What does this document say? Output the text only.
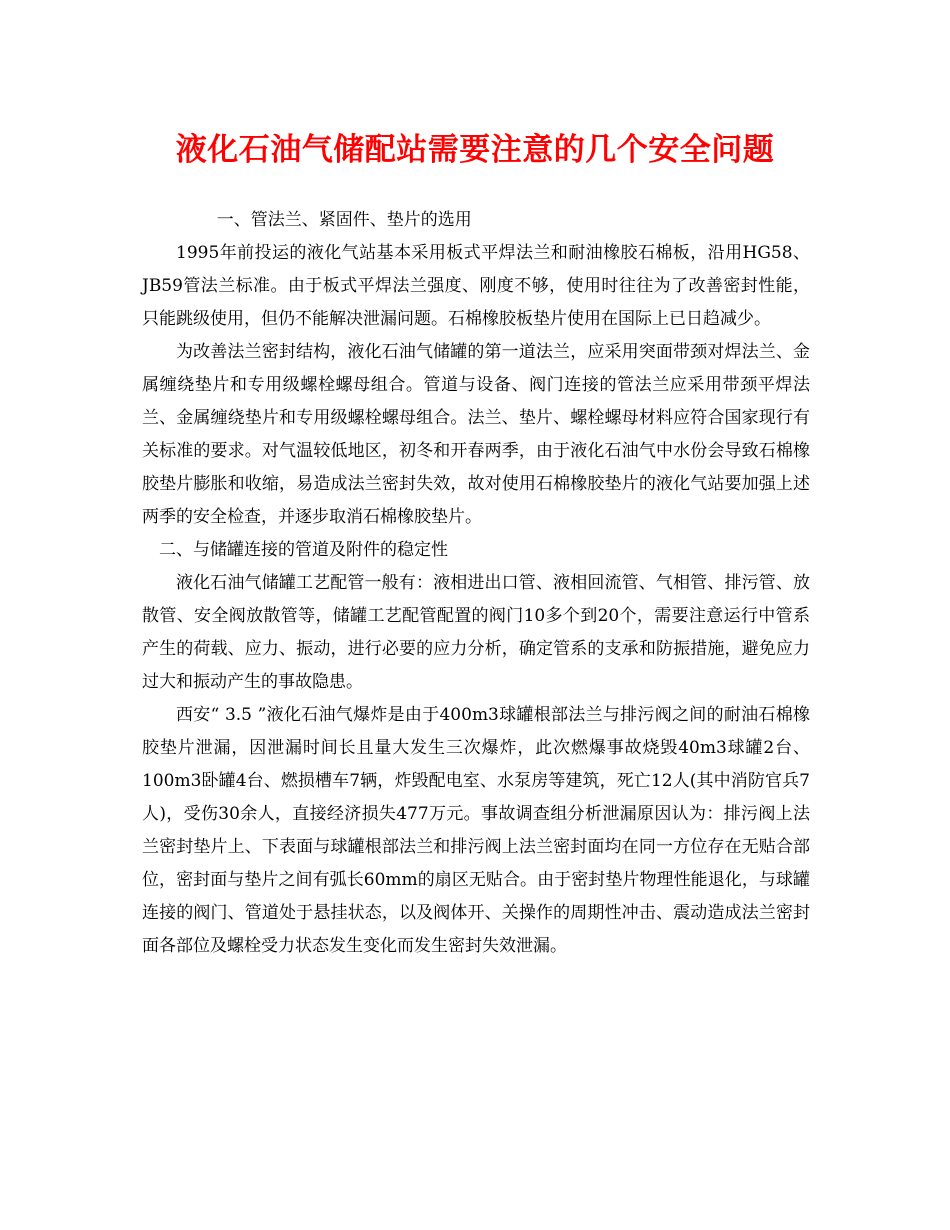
液化石油气储配站需要注意的几个安全问题

一、管法兰、紧固件、垫片的选用

1995年前投运的液化气站基本采用板式平焊法兰和耐油橡胶石棉板，沿用HG58、JB59管法兰标准。由于板式平焊法兰强度、刚度不够，使用时往往为了改善密封性能，只能跳级使用，但仍不能解决泄漏问题。石棉橡胶板垫片使用在国际上已日趋减少。

为改善法兰密封结构，液化石油气储罐的第一道法兰，应采用突面带颈对焊法兰、金属缠绕垫片和专用级螺栓螺母组合。管道与设备、阀门连接的管法兰应采用带颈平焊法兰、金属缠绕垫片和专用级螺栓螺母组合。法兰、垫片、螺栓螺母材料应符合国家现行有关标准的要求。对气温较低地区，初冬和开春两季，由于液化石油气中水份会导致石棉橡胶垫片膨胀和收缩，易造成法兰密封失效，故对使用石棉橡胶垫片的液化气站要加强上述两季的安全检查，并逐步取消石棉橡胶垫片。

二、与储罐连接的管道及附件的稳定性

液化石油气储罐工艺配管一般有：液相进出口管、液相回流管、气相管、排污管、放散管、安全阀放散管等，储罐工艺配管配置的阀门10多个到20个，需要注意运行中管系产生的荷载、应力、振动，进行必要的应力分析，确定管系的支承和防振措施，避免应力过大和振动产生的事故隐患。

西安“ 3.5 ”液化石油气爆炸是由于400m3球罐根部法兰与排污阀之间的耐油石棉橡胶垫片泄漏，因泄漏时间长且量大发生三次爆炸，此次燃爆事故烧毁40m3球罐2台、100m3卧罐4台、燃损槽车7辆，炸毁配电室、水泵房等建筑，死亡12人(其中消防官兵7人)，受伤30余人，直接经济损失477万元。事故调查组分析泄漏原因认为：排污阀上法兰密封垫片上、下表面与球罐根部法兰和排污阀上法兰密封面均在同一方位存在无贴合部位，密封面与垫片之间有弧长60mm的扇区无贴合。由于密封垫片物理性能退化，与球罐连接的阀门、管道处于悬挂状态，以及阀体开、关操作的周期性冲击、震动造成法兰密封面各部位及螺栓受力状态发生变化而发生密封失效泄漏。
